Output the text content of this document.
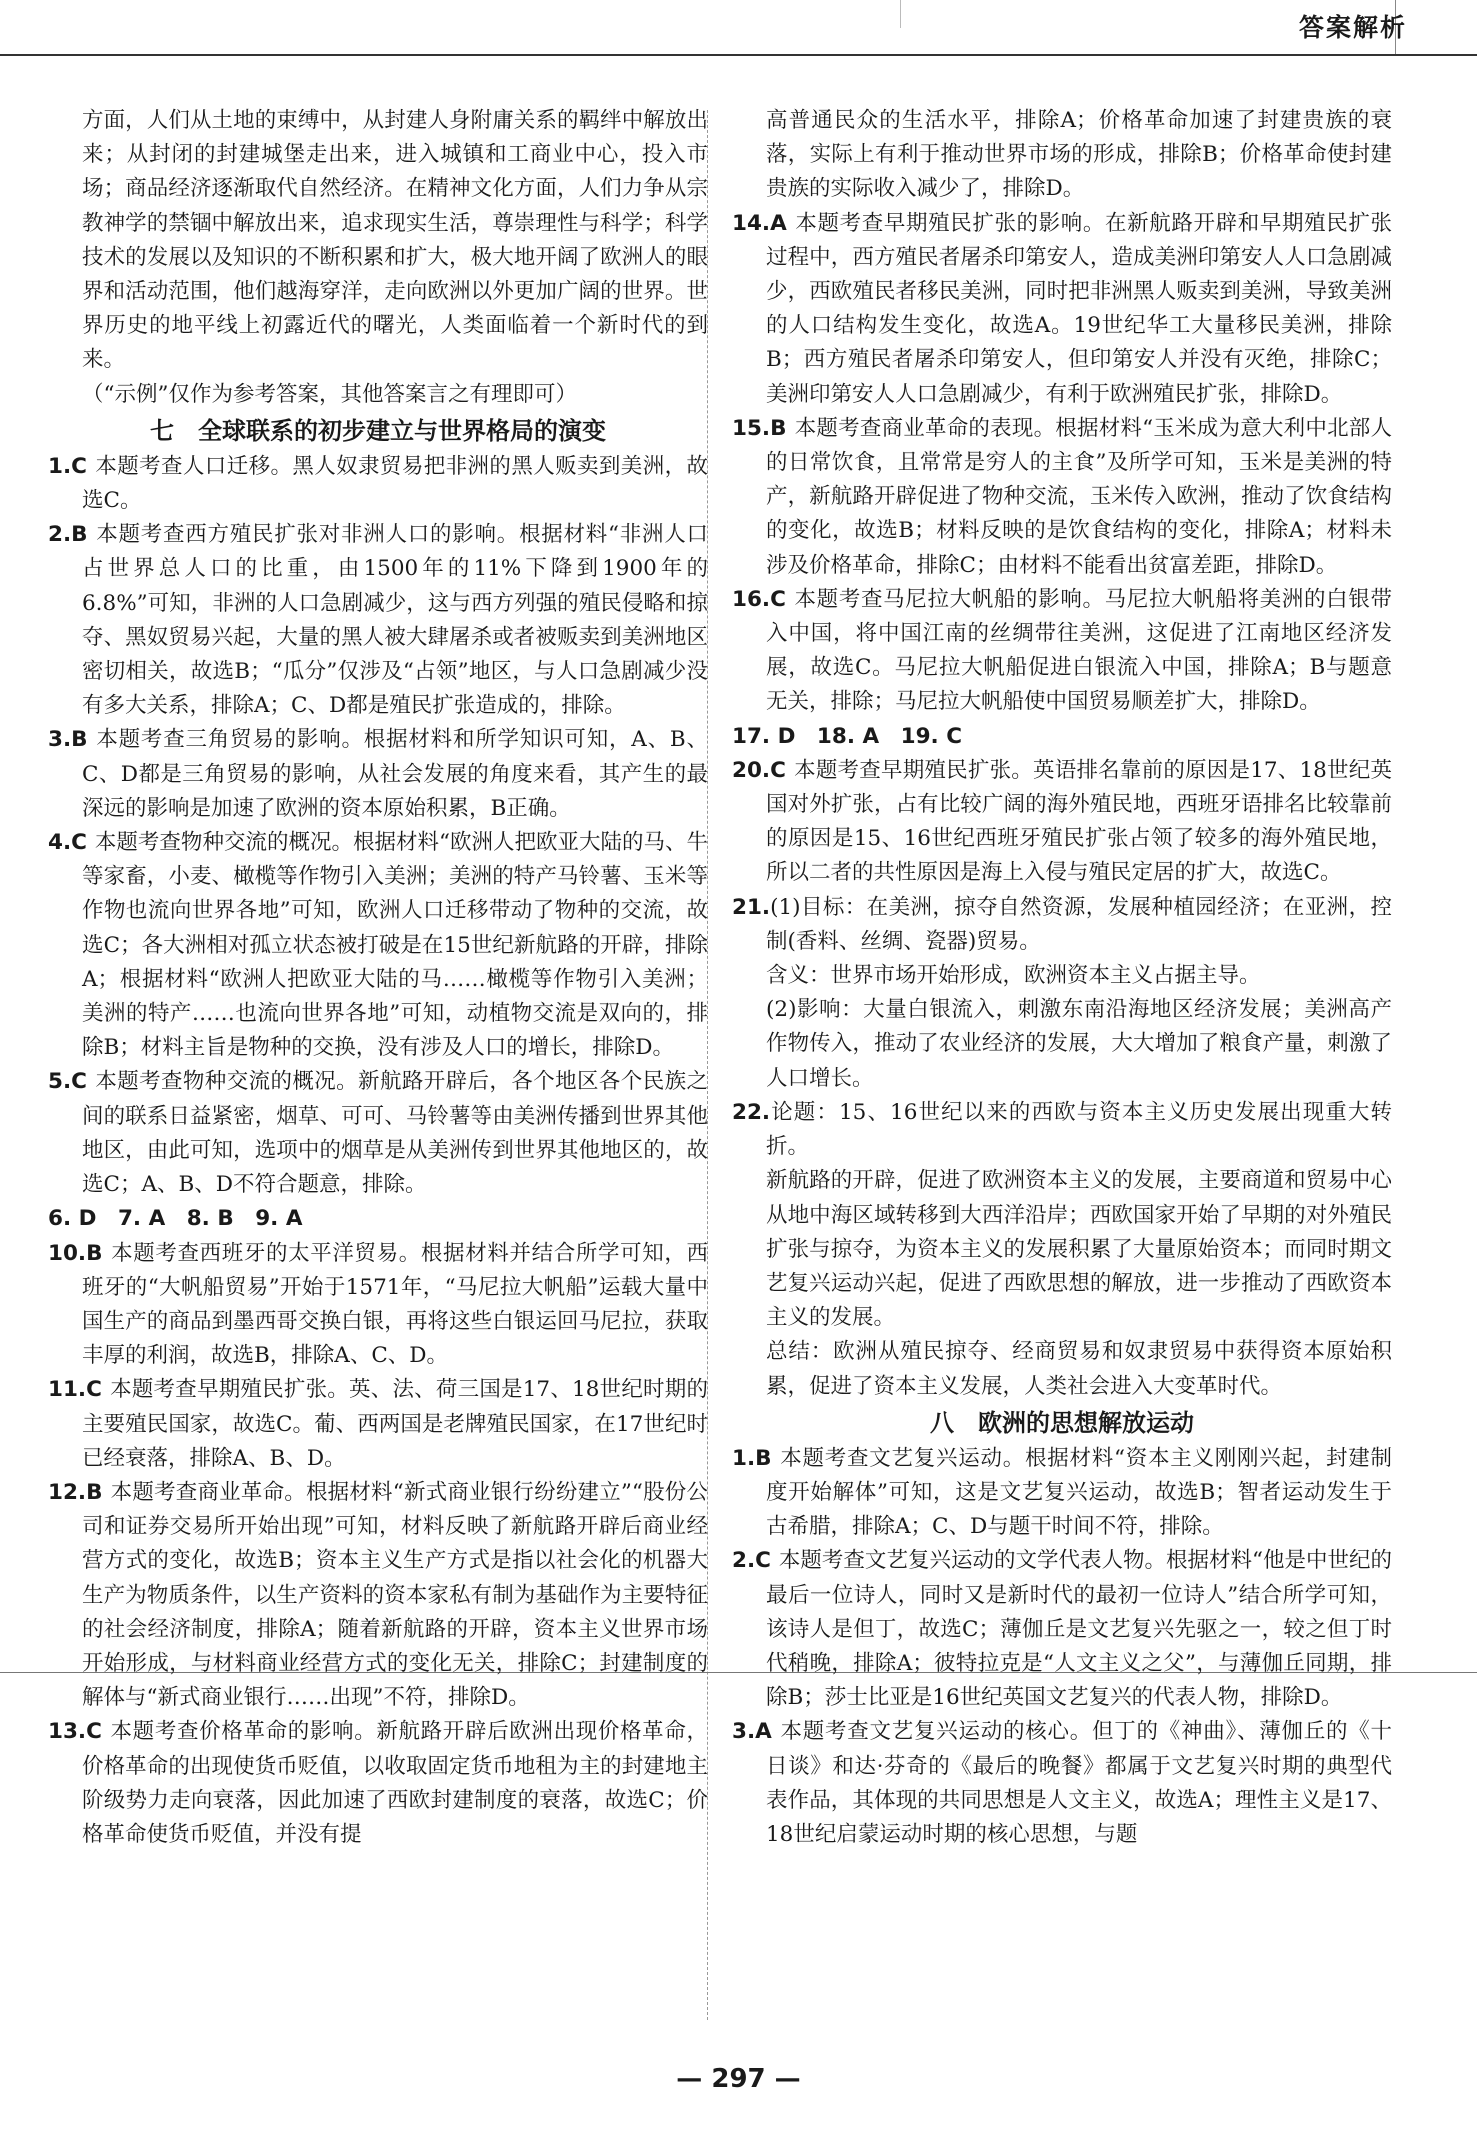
答案解析

方面，人们从土地的束缚中，从封建人身附庸关系的羁绊中解放出来；从封闭的封建城堡走出来，进入城镇和工商业中心，投入市场；商品经济逐渐取代自然经济。在精神文化方面，人们力争从宗教神学的禁锢中解放出来，追求现实生活，尊崇理性与科学；科学技术的发展以及知识的不断积累和扩大，极大地开阔了欧洲人的眼界和活动范围，他们越海穿洋，走向欧洲以外更加广阔的世界。世界历史的地平线上初露近代的曙光，人类面临着一个新时代的到来。

（“示例”仅作为参考答案，其他答案言之有理即可）

七　全球联系的初步建立与世界格局的演变

1.C 本题考查人口迁移。黑人奴隶贸易把非洲的黑人贩卖到美洲，故选C。

2.B 本题考查西方殖民扩张对非洲人口的影响。根据材料“非洲人口占世界总人口的比重，由1500年的11%下降到1900年的6.8%”可知，非洲的人口急剧减少，这与西方列强的殖民侵略和掠夺、黑奴贸易兴起，大量的黑人被大肆屠杀或者被贩卖到美洲地区密切相关，故选B；“瓜分”仅涉及“占领”地区，与人口急剧减少没有多大关系，排除A；C、D都是殖民扩张造成的，排除。

3.B 本题考查三角贸易的影响。根据材料和所学知识可知，A、B、C、D都是三角贸易的影响，从社会发展的角度来看，其产生的最深远的影响是加速了欧洲的资本原始积累，B正确。

4.C 本题考查物种交流的概况。根据材料“欧洲人把欧亚大陆的马、牛等家畜，小麦、橄榄等作物引入美洲；美洲的特产马铃薯、玉米等作物也流向世界各地”可知，欧洲人口迁移带动了物种的交流，故选C；各大洲相对孤立状态被打破是在15世纪新航路的开辟，排除A；根据材料“欧洲人把欧亚大陆的马……橄榄等作物引入美洲；美洲的特产……也流向世界各地”可知，动植物交流是双向的，排除B；材料主旨是物种的交换，没有涉及人口的增长，排除D。

5.C 本题考查物种交流的概况。新航路开辟后，各个地区各个民族之间的联系日益紧密，烟草、可可、马铃薯等由美洲传播到世界其他地区，由此可知，选项中的烟草是从美洲传到世界其他地区的，故选C；A、B、D不符合题意，排除。

6. D　7. A　8. B　9. A

10.B 本题考查西班牙的太平洋贸易。根据材料并结合所学可知，西班牙的“大帆船贸易”开始于1571年，“马尼拉大帆船”运载大量中国生产的商品到墨西哥交换白银，再将这些白银运回马尼拉，获取丰厚的利润，故选B，排除A、C、D。

11.C 本题考查早期殖民扩张。英、法、荷三国是17、18世纪时期的主要殖民国家，故选C。葡、西两国是老牌殖民国家，在17世纪时已经衰落，排除A、B、D。

12.B 本题考查商业革命。根据材料“新式商业银行纷纷建立”“股份公司和证券交易所开始出现”可知，材料反映了新航路开辟后商业经营方式的变化，故选B；资本主义生产方式是指以社会化的机器大生产为物质条件，以生产资料的资本家私有制为基础作为主要特征的社会经济制度，排除A；随着新航路的开辟，资本主义世界市场开始形成，与材料商业经营方式的变化无关，排除C；封建制度的解体与“新式商业银行……出现”不符，排除D。

13.C 本题考查价格革命的影响。新航路开辟后欧洲出现价格革命，价格革命的出现使货币贬值，以收取固定货币地租为主的封建地主阶级势力走向衰落，因此加速了西欧封建制度的衰落，故选C；价格革命使货币贬值，并没有提

高普通民众的生活水平，排除A；价格革命加速了封建贵族的衰落，实际上有利于推动世界市场的形成，排除B；价格革命使封建贵族的实际收入减少了，排除D。

14.A 本题考查早期殖民扩张的影响。在新航路开辟和早期殖民扩张过程中，西方殖民者屠杀印第安人，造成美洲印第安人人口急剧减少，西欧殖民者移民美洲，同时把非洲黑人贩卖到美洲，导致美洲的人口结构发生变化，故选A。19世纪华工大量移民美洲，排除B；西方殖民者屠杀印第安人，但印第安人并没有灭绝，排除C；美洲印第安人人口急剧减少，有利于欧洲殖民扩张，排除D。

15.B 本题考查商业革命的表现。根据材料“玉米成为意大利中北部人的日常饮食，且常常是穷人的主食”及所学可知，玉米是美洲的特产，新航路开辟促进了物种交流，玉米传入欧洲，推动了饮食结构的变化，故选B；材料反映的是饮食结构的变化，排除A；材料未涉及价格革命，排除C；由材料不能看出贫富差距，排除D。

16.C 本题考查马尼拉大帆船的影响。马尼拉大帆船将美洲的白银带入中国，将中国江南的丝绸带往美洲，这促进了江南地区经济发展，故选C。马尼拉大帆船促进白银流入中国，排除A；B与题意无关，排除；马尼拉大帆船使中国贸易顺差扩大，排除D。

17. D　18. A　19. C

20.C 本题考查早期殖民扩张。英语排名靠前的原因是17、18世纪英国对外扩张，占有比较广阔的海外殖民地，西班牙语排名比较靠前的原因是15、16世纪西班牙殖民扩张占领了较多的海外殖民地，所以二者的共性原因是海上入侵与殖民定居的扩大，故选C。

21.(1)目标：在美洲，掠夺自然资源，发展种植园经济；在亚洲，控制(香料、丝绸、瓷器)贸易。

含义：世界市场开始形成，欧洲资本主义占据主导。

(2)影响：大量白银流入，刺激东南沿海地区经济发展；美洲高产作物传入，推动了农业经济的发展，大大增加了粮食产量，刺激了人口增长。

22.论题：15、16世纪以来的西欧与资本主义历史发展出现重大转折。

新航路的开辟，促进了欧洲资本主义的发展，主要商道和贸易中心从地中海区域转移到大西洋沿岸；西欧国家开始了早期的对外殖民扩张与掠夺，为资本主义的发展积累了大量原始资本；而同时期文艺复兴运动兴起，促进了西欧思想的解放，进一步推动了西欧资本主义的发展。

总结：欧洲从殖民掠夺、经商贸易和奴隶贸易中获得资本原始积累，促进了资本主义发展，人类社会进入大变革时代。

八　欧洲的思想解放运动

1.B 本题考查文艺复兴运动。根据材料“资本主义刚刚兴起，封建制度开始解体”可知，这是文艺复兴运动，故选B；智者运动发生于古希腊，排除A；C、D与题干时间不符，排除。

2.C 本题考查文艺复兴运动的文学代表人物。根据材料“他是中世纪的最后一位诗人，同时又是新时代的最初一位诗人”结合所学可知，该诗人是但丁，故选C；薄伽丘是文艺复兴先驱之一，较之但丁时代稍晚，排除A；彼特拉克是“人文主义之父”，与薄伽丘同期，排除B；莎士比亚是16世纪英国文艺复兴的代表人物，排除D。

3.A 本题考查文艺复兴运动的核心。但丁的《神曲》、薄伽丘的《十日谈》和达·芬奇的《最后的晚餐》都属于文艺复兴时期的典型代表作品，其体现的共同思想是人文主义，故选A；理性主义是17、18世纪启蒙运动时期的核心思想，与题

— 297 —
